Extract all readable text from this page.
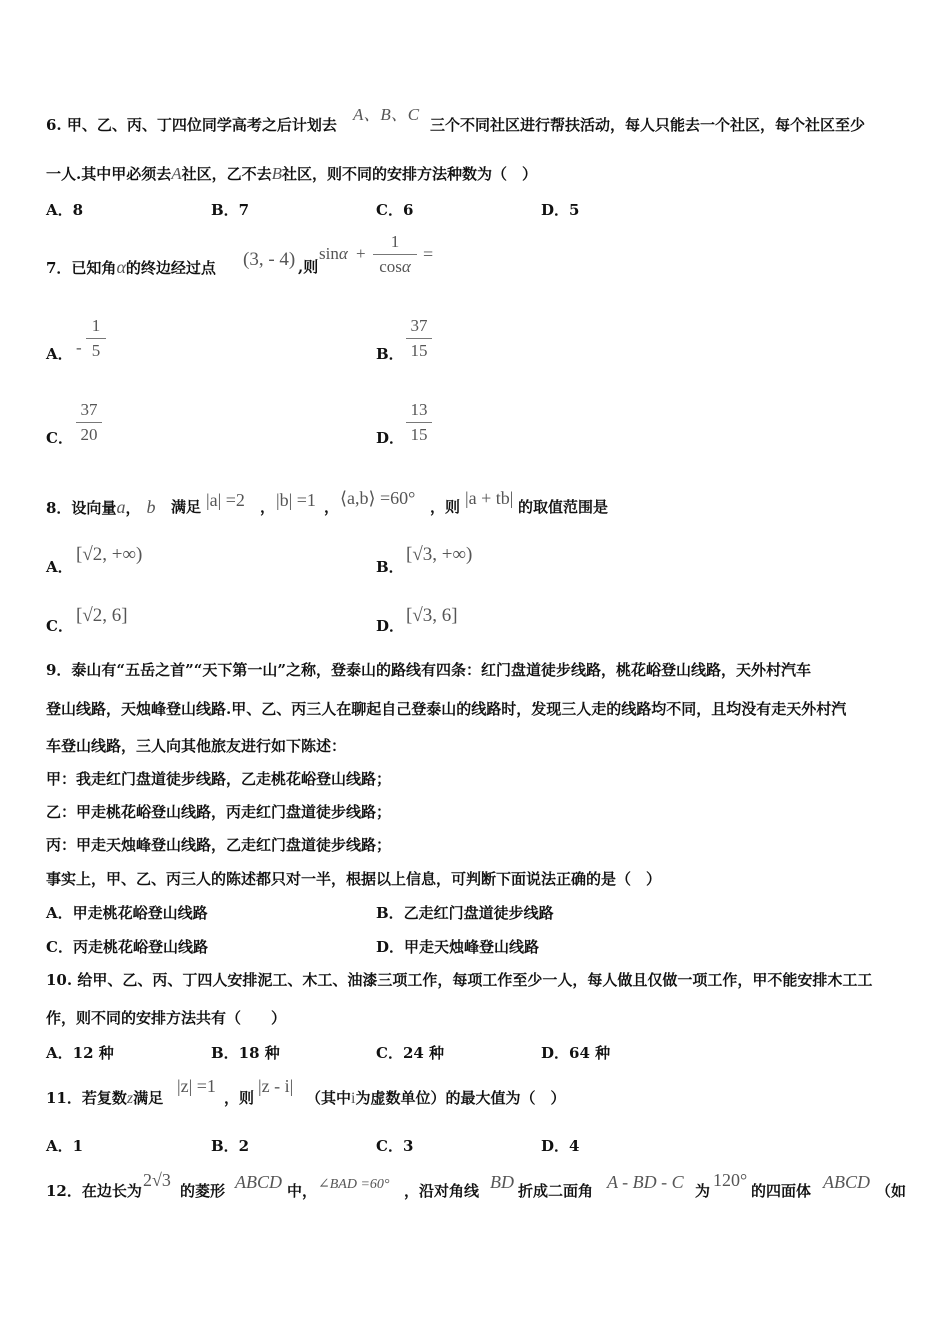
6. 甲、乙、丙、丁四位同学高考之后计划去
A、B、C
三个不同社区进行帮扶活动，每人只能去一个社区，每个社区至少
一人.其中甲必须去A社区，乙不去B社区，则不同的安排方法种数为（　）
A．8	B．7	C．6	D．5
7．已知角α的终边经过点 (3, - 4) ,则
sinα +
1
cosα
=
A． -
1
5	B．
37
15
C．
37
20	D．
13
15
8．设向量a， b 满足 |a| =2 ， |b| =1 ， ⟨a,b⟩ =60° ，则 |a + tb| 的取值范围是
A．
[√2, +∞)
B．
[√3, +∞)
C． [√2, 6]	D． [√3, 6]
9．泰山有“五岳之首”“天下第一山”之称，登泰山的路线有四条：红门盘道徒步线路，桃花峪登山线路，天外村汽车
登山线路，天烛峰登山线路.甲、乙、丙三人在聊起自己登泰山的线路时，发现三人走的线路均不同，且均没有走天外村汽
车登山线路，三人向其他旅友进行如下陈述：
甲：我走红门盘道徒步线路，乙走桃花峪登山线路；
乙：甲走桃花峪登山线路，丙走红门盘道徒步线路；
丙：甲走天烛峰登山线路，乙走红门盘道徒步线路；
事实上，甲、乙、丙三人的陈述都只对一半，根据以上信息，可判断下面说法正确的是（　）
A．甲走桃花峪登山线路	B．乙走红门盘道徒步线路
C．丙走桃花峪登山线路	D．甲走天烛峰登山线路
10. 给甲、乙、丙、丁四人安排泥工、木工、油漆三项工作，每项工作至少一人，每人做且仅做一项工作，甲不能安排木工工
作，则不同的安排方法共有（　　）
A．12 种	B．18 种	C．24 种	D．64 种
11．若复数z满足
|z| =1
，则
|z - i|
（其中i为虚数单位）的最大值为（　）
A．1	B．2	C．3	D．4
12．在边长为
2√3
的菱形 ABCD 中， ∠BAD =60° ，沿对角线 BD 折成二面角 A - BD - C 为
120°
的四面体 ABCD （如
